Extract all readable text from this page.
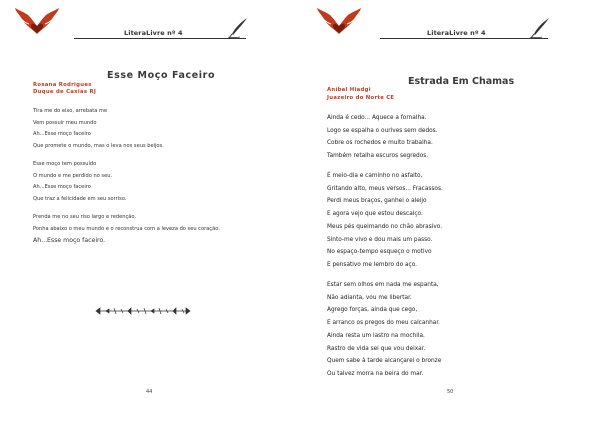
LiteraLivre nº 4
Esse Moço Faceiro
Rosana Rodrigues
Duque de Caxias RJ
Tira me do eixo, arrebata me
Vem possuir meu mundo
Ah...Esse moço faceiro
Que promete o mundo, mas o leva nos seus beijos.
Esse moço tem possuído
O mundo e me perdido no seu.
Ah...Esse moço faceiro
Que traz a felicidade em seu sorriso.
Prenda me no seu riso largo e redenção.
Ponha abaixo o meu mundo e o reconstrua com a leveza do seu coração.
Ah...Esse moço faceiro.
44
LiteraLivre nº 4
Estrada Em Chamas
Aníbal Hiadgi
Juazeiro do Norte CE
Ainda é cedo... Aquece a fornalha.
Logo se espalha o ourives sem dedos.
Cobre os rochedos e muito trabalha.
Também retalha escuros segredos.
É meio-dia e caminho no asfalto,
Gritando alto, meus versos... Fracassos.
Perdi meus braços, ganhei o aleijo
E agora vejo que estou descalço.
Meus pés queimando no chão abrasivo.
Sinto-me vivo e dou mais um passo.
No espaço-tempo esqueço o motivo
E pensativo me lembro do aço.
Estar sem olhos em nada me espanta,
Não adianta, vou me libertar.
Agrego forças, ainda que cego,
E arranco os pregos do meu calcanhar.
Ainda resta um lastro na mochila.
Rastro de vida sei que vou deixar.
Quem sabe à tarde alcançarei o bronze
Ou talvez morra na beira do mar.
50
